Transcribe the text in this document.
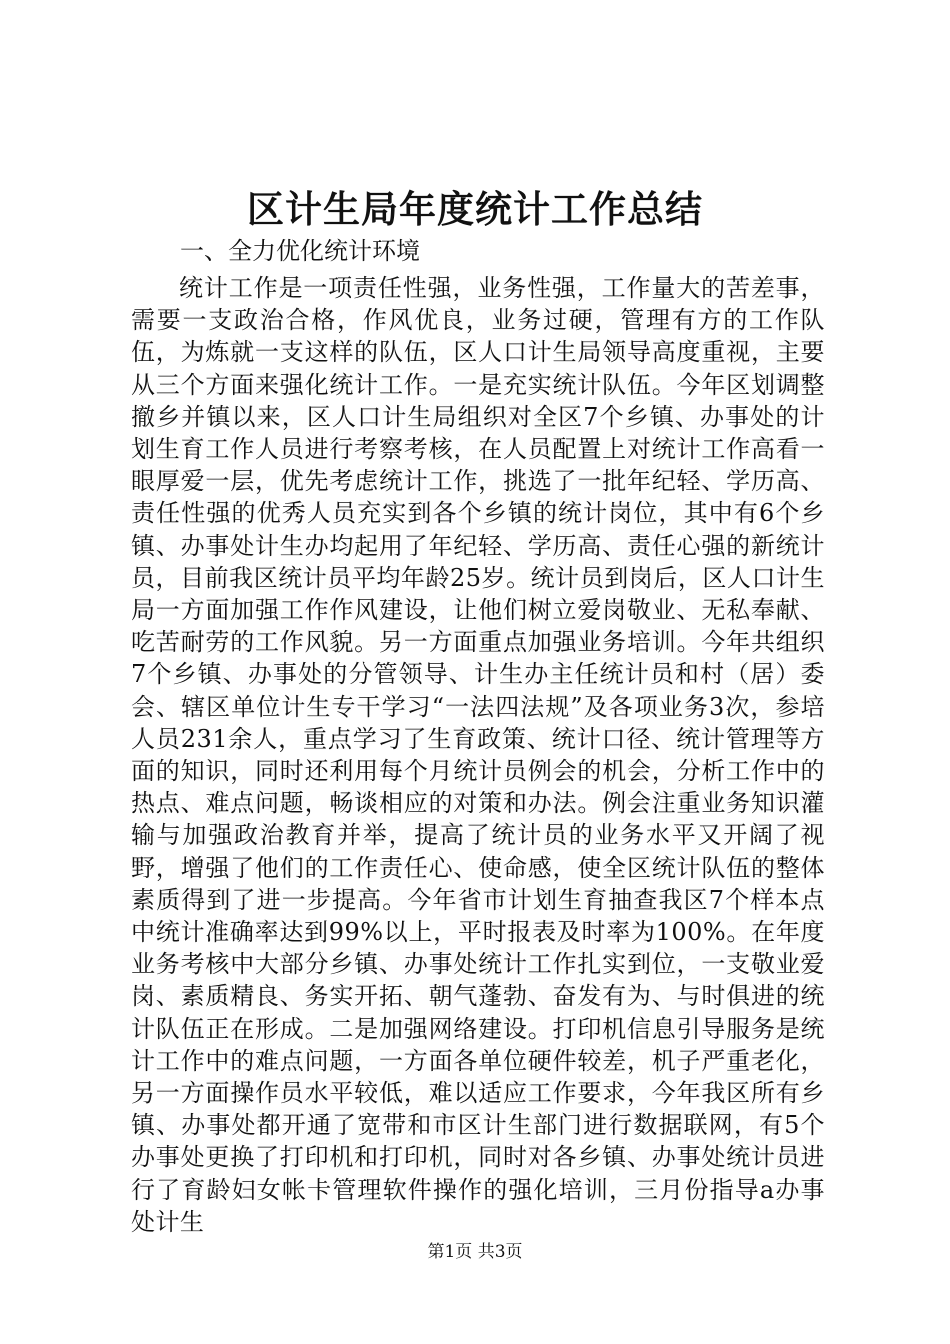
区计生局年度统计工作总结

一、全力优化统计环境

统计工作是一项责任性强，业务性强，工作量大的苦差事，需要一支政治合格，作风优良，业务过硬，管理有方的工作队伍，为炼就一支这样的队伍，区人口计生局领导高度重视，主要从三个方面来强化统计工作。一是充实统计队伍。今年区划调整撤乡并镇以来，区人口计生局组织对全区7个乡镇、办事处的计划生育工作人员进行考察考核，在人员配置上对统计工作高看一眼厚爱一层，优先考虑统计工作，挑选了一批年纪轻、学历高、责任性强的优秀人员充实到各个乡镇的统计岗位，其中有6个乡镇、办事处计生办均起用了年纪轻、学历高、责任心强的新统计员，目前我区统计员平均年龄25岁。统计员到岗后，区人口计生局一方面加强工作作风建设，让他们树立爱岗敬业、无私奉献、吃苦耐劳的工作风貌。另一方面重点加强业务培训。今年共组织7个乡镇、办事处的分管领导、计生办主任统计员和村（居）委会、辖区单位计生专干学习“一法四法规”及各项业务3次，参培人员231余人，重点学习了生育政策、统计口径、统计管理等方面的知识，同时还利用每个月统计员例会的机会，分析工作中的热点、难点问题，畅谈相应的对策和办法。例会注重业务知识灌输与加强政治教育并举，提高了统计员的业务水平又开阔了视野，增强了他们的工作责任心、使命感，使全区统计队伍的整体素质得到了进一步提高。今年省市计划生育抽查我区7个样本点中统计准确率达到99%以上，平时报表及时率为100%。在年度业务考核中大部分乡镇、办事处统计工作扎实到位，一支敬业爱岗、素质精良、务实开拓、朝气蓬勃、奋发有为、与时俱进的统计队伍正在形成。二是加强网络建设。打印机信息引导服务是统计工作中的难点问题，一方面各单位硬件较差，机子严重老化，另一方面操作员水平较低，难以适应工作要求，今年我区所有乡镇、办事处都开通了宽带和市区计生部门进行数据联网，有5个办事处更换了打印机和打印机，同时对各乡镇、办事处统计员进行了育龄妇女帐卡管理软件操作的强化培训，三月份指导a办事处计生

第1页 共3页
